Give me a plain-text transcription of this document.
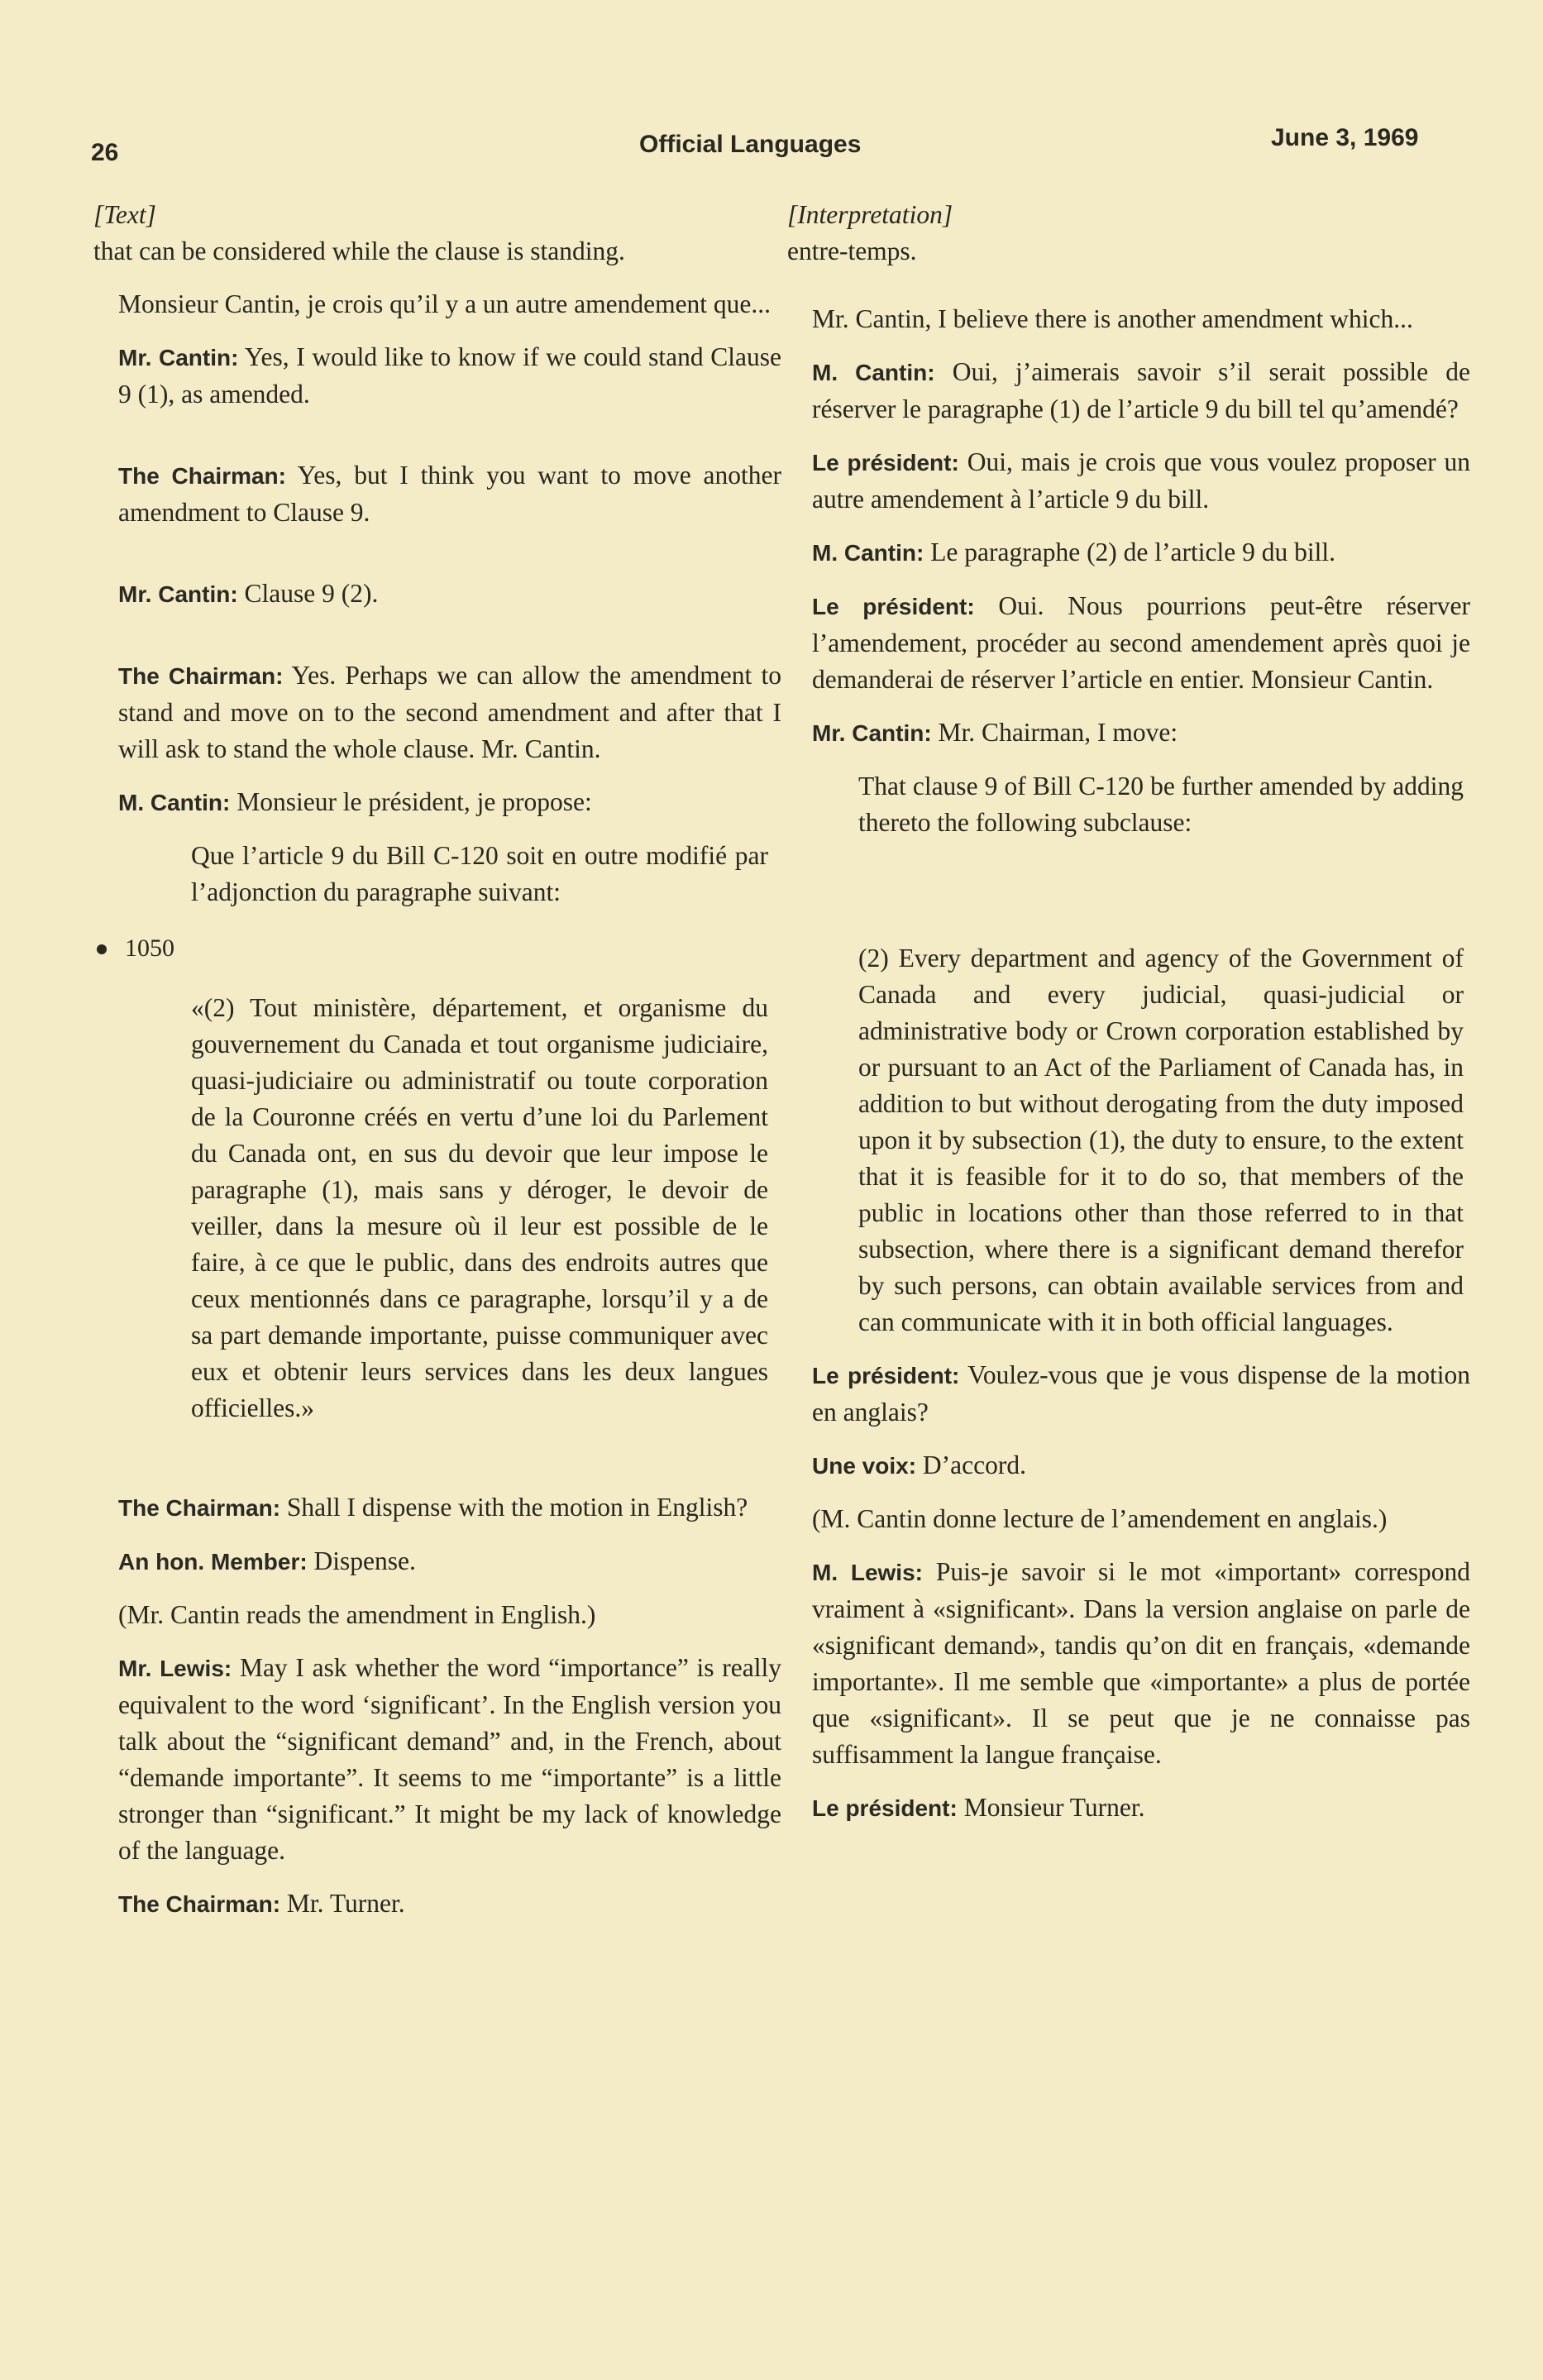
26	Official Languages	June 3, 1969

[Text]

that can be considered while the clause is standing.

Monsieur Cantin, je crois qu’il y a un autre amendement que...

Mr. Cantin: Yes, I would like to know if we could stand Clause 9 (1), as amended.

The Chairman: Yes, but I think you want to move another amendment to Clause 9.

Mr. Cantin: Clause 9 (2).

The Chairman: Yes. Perhaps we can allow the amendment to stand and move on to the second amendment and after that I will ask to stand the whole clause. Mr. Cantin.

M. Cantin: Monsieur le président, je propose:

Que l’article 9 du Bill C-120 soit en outre modifié par l’adjonction du paragraphe suivant:

1050

«(2) Tout ministère, département, et organisme du gouvernement du Canada et tout organisme judiciaire, quasi-judiciaire ou administratif ou toute corporation de la Couronne créés en vertu d’une loi du Parlement du Canada ont, en sus du devoir que leur impose le paragraphe (1), mais sans y déroger, le devoir de veiller, dans la mesure où il leur est possible de le faire, à ce que le public, dans des endroits autres que ceux mentionnés dans ce paragraphe, lorsqu’il y a de sa part demande importante, puisse communiquer avec eux et obtenir leurs services dans les deux langues officielles.»

The Chairman: Shall I dispense with the motion in English?

An hon. Member: Dispense.

(Mr. Cantin reads the amendment in English.)

Mr. Lewis: May I ask whether the word “importance” is really equivalent to the word ‘significant’. In the English version you talk about the “significant demand” and, in the French, about “demande importante”. It seems to me “importante” is a little stronger than “significant.” It might be my lack of knowledge of the language.

The Chairman: Mr. Turner.

[Interpretation]

entre-temps.

Mr. Cantin, I believe there is another amendment which...

M. Cantin: Oui, j’aimerais savoir s’il serait possible de réserver le paragraphe (1) de l’article 9 du bill tel qu’amendé?

Le président: Oui, mais je crois que vous voulez proposer un autre amendement à l’article 9 du bill.

M. Cantin: Le paragraphe (2) de l’article 9 du bill.

Le président: Oui. Nous pourrions peut-être réserver l’amendement, procéder au second amendement après quoi je demanderai de réserver l’article en entier. Monsieur Cantin.

Mr. Cantin: Mr. Chairman, I move:

That clause 9 of Bill C-120 be further amended by adding thereto the following subclause:

(2) Every department and agency of the Government of Canada and every judicial, quasi-judicial or administrative body or Crown corporation established by or pursuant to an Act of the Parliament of Canada has, in addition to but without derogating from the duty imposed upon it by subsection (1), the duty to ensure, to the extent that it is feasible for it to do so, that members of the public in locations other than those referred to in that subsection, where there is a significant demand therefor by such persons, can obtain available services from and can communicate with it in both official languages.

Le président: Voulez-vous que je vous dispense de la motion en anglais?

Une voix: D’accord.

(M. Cantin donne lecture de l’amendement en anglais.)

M. Lewis: Puis-je savoir si le mot «important» correspond vraiment à «significant». Dans la version anglaise on parle de «significant demand», tandis qu’on dit en français, «demande importante». Il me semble que «importante» a plus de portée que «significant». Il se peut que je ne connaisse pas suffisamment la langue française.

Le président: Monsieur Turner.
